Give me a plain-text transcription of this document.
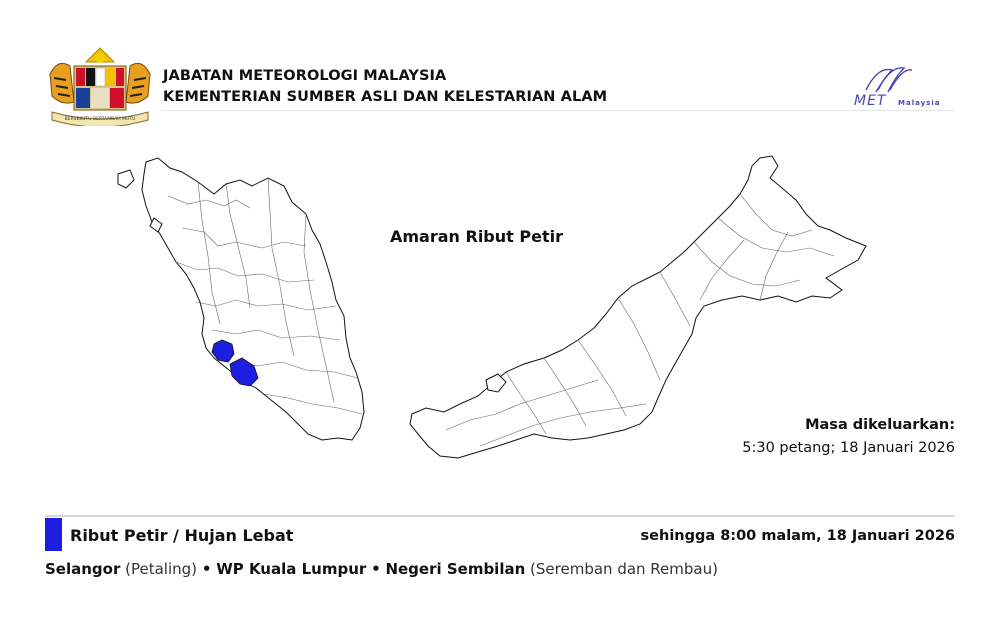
BERSEKUTU BERTAMBAH MUTU
JABATAN METEOROLOGI MALAYSIA
KEMENTERIAN SUMBER ASLI DAN KELESTARIAN ALAM	MET Malaysia
Amaran Ribut Petir
Masa dikeluarkan:
5:30 petang; 18 Januari 2026
Ribut Petir / Hujan Lebat	sehingga 8:00 malam, 18 Januari 2026
Selangor (Petaling) • WP Kuala Lumpur • Negeri Sembilan (Seremban dan Rembau)
